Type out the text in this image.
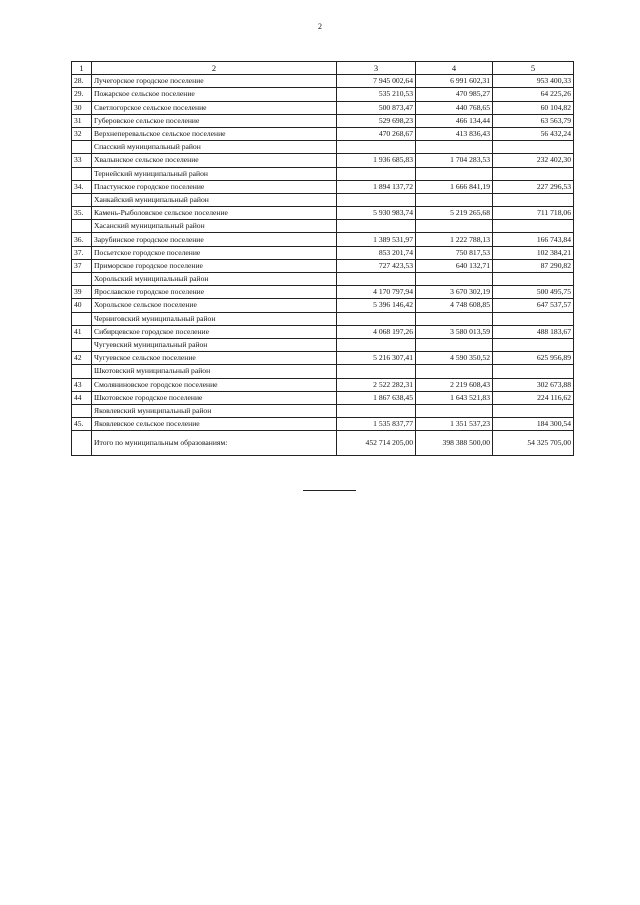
2
1	2	3	4	5
28.	Лучегорское городское поселение	7 945 002,64	6 991 602,31	953 400,33
29.	Пожарское сельское поселение	535 210,53	470 985,27	64 225,26
30	Светлогорское сельское поселение	500 873,47	440 768,65	60 104,82
31	Губеровское сельское поселение	529 698,23	466 134,44	63 563,79
32	Верхнеперевальское сельское поселение	470 268,67	413 836,43	56 432,24
	Спасский муниципальный район			
33	Хвалынское сельское поселение	1 936 685,83	1 704 283,53	232 402,30
	Тернейский муниципальный район			
34.	Пластунское городское поселение	1 894 137,72	1 666 841,19	227 296,53
	Ханкайский муниципальный район			
35.	Камень-Рыболовское сельское поселение	5 930 983,74	5 219 265,68	711 718,06
	Хасанский муниципальный район			
36.	Зарубинское городское поселение	1 389 531,97	1 222 788,13	166 743,84
37.	Посьетское городское поселение	853 201,74	750 817,53	102 384,21
37	Приморское городское поселение	727 423,53	640 132,71	87 290,82
	Хорольский муниципальный район			
39	Ярославское городское поселение	4 170 797,94	3 670 302,19	500 495,75
40	Хорольское сельское поселение	5 396 146,42	4 748 608,85	647 537,57
	Черниговский муниципальный район			
41	Сибирцевское городское поселение	4 068 197,26	3 580 013,59	488 183,67
	Чугуевский муниципальный район			
42	Чугуевское сельское поселение	5 216 307,41	4 590 350,52	625 956,89
	Шкотовский муниципальный район			
43	Смоляниновское городское поселение	2 522 282,31	2 219 608,43	302 673,88
44	Шкотовское городское поселение	1 867 638,45	1 643 521,83	224 116,62
	Яковлевский муниципальный район			
45.	Яковлевское сельское поселение	1 535 837,77	1 351 537,23	184 300,54
	Итого по муниципальным образованиям:	452 714 205,00	398 388 500,00	54 325 705,00
